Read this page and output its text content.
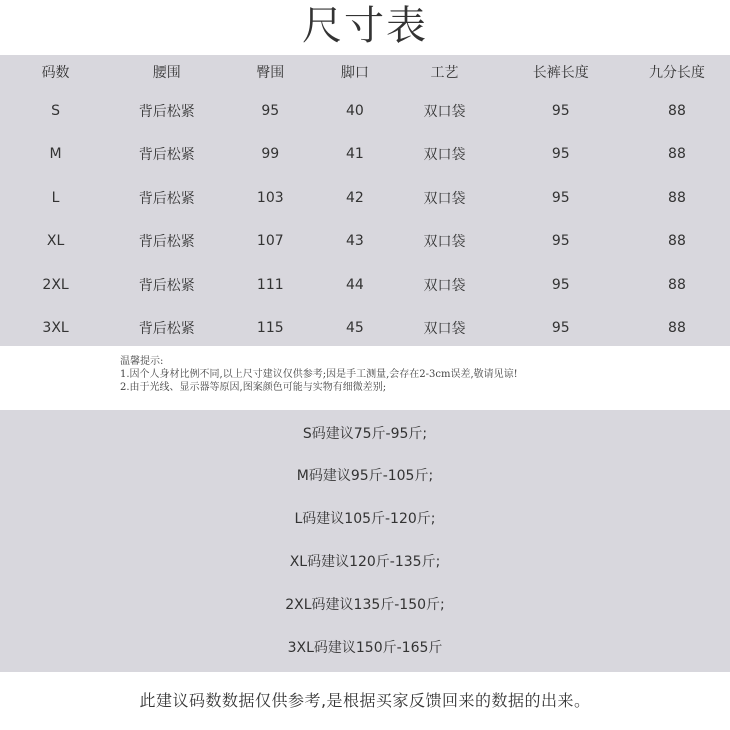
尺寸表
码数	腰围	臀围	脚口	工艺	长裤长度	九分长度
S	背后松紧	95	40	双口袋	95	88
M	背后松紧	99	41	双口袋	95	88
L	背后松紧	103	42	双口袋	95	88
XL	背后松紧	107	43	双口袋	95	88
2XL	背后松紧	111	44	双口袋	95	88
3XL	背后松紧	115	45	双口袋	95	88
温馨提示:
1.因个人身材比例不同,以上尺寸建议仅供参考;因是手工测量,会存在2-3cm误差,敬请见谅!
2.由于光线、显示器等原因,图案颜色可能与实物有细微差别;
S码建议75斤-95斤;
M码建议95斤-105斤;
L码建议105斤-120斤;
XL码建议120斤-135斤;
2XL码建议135斤-150斤;
3XL码建议150斤-165斤
此建议码数数据仅供参考,是根据买家反馈回来的数据的出来。
